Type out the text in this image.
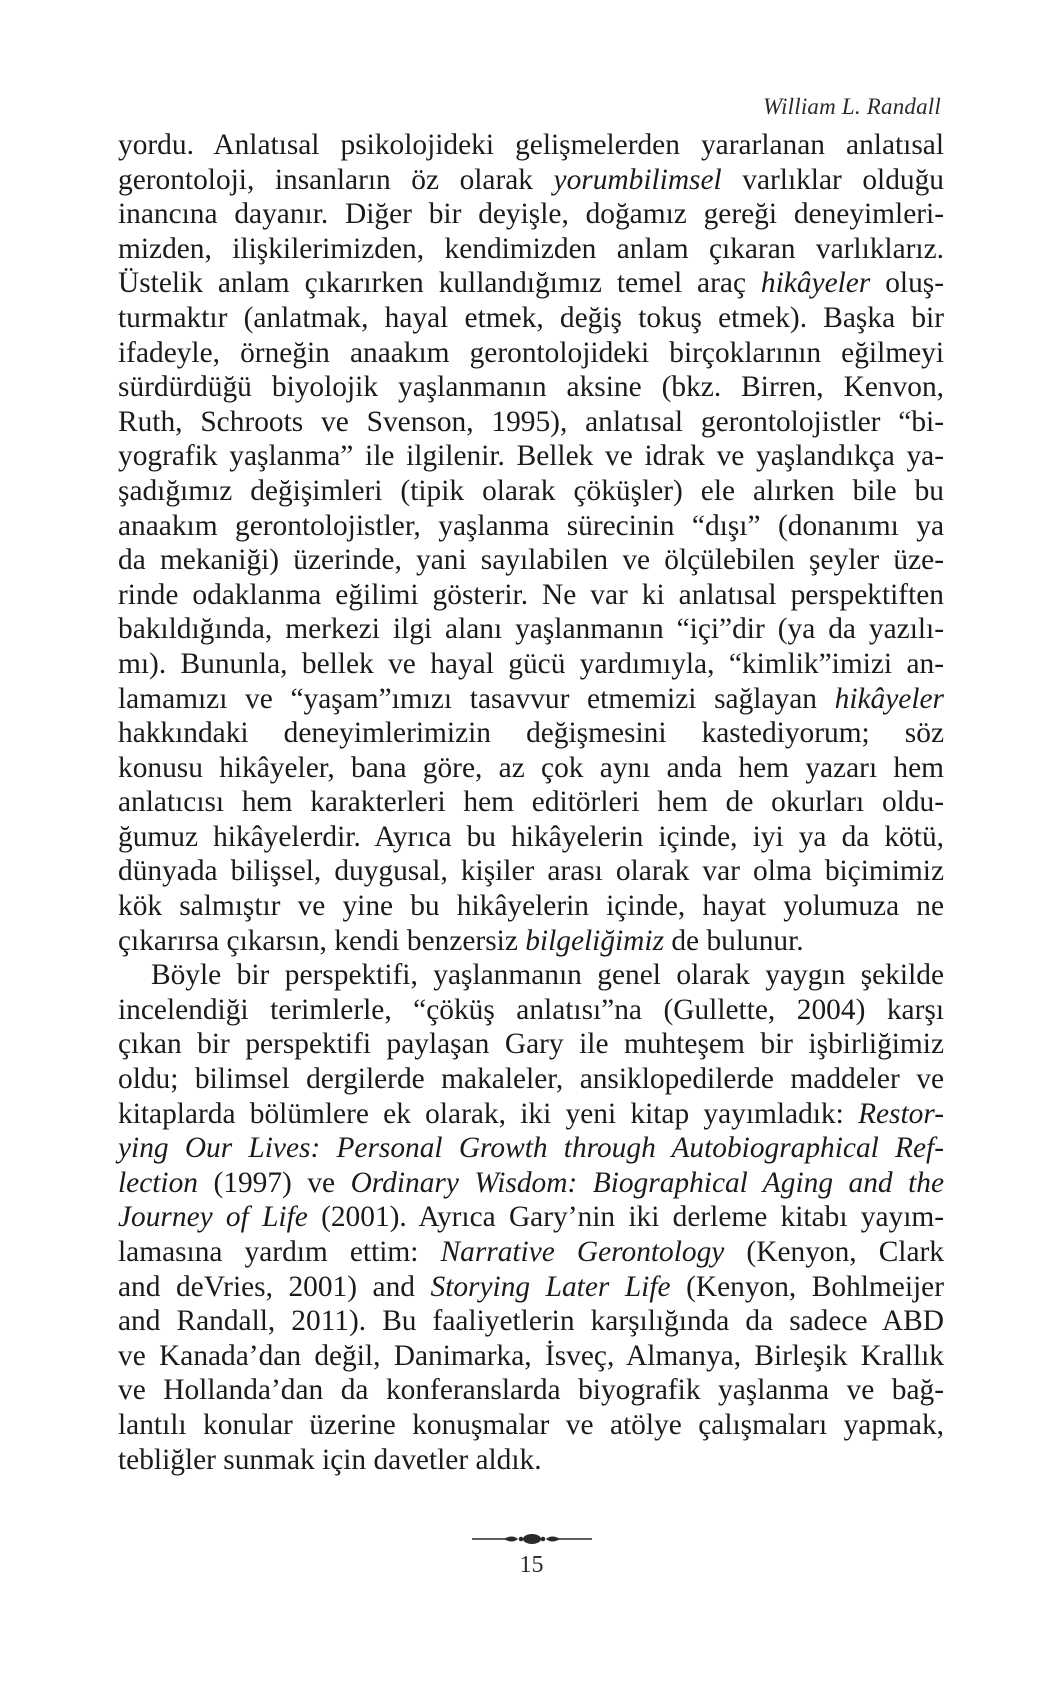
William L. Randall
yordu. Anlatısal psikolojideki gelişmelerden yararlanan anlatısal
gerontoloji, insanların öz olarak yorumbilimsel varlıklar olduğu
inancına dayanır. Diğer bir deyişle, doğamız gereği deneyimleri-
mizden, ilişkilerimizden, kendimizden anlam çıkaran varlıklarız.
Üstelik anlam çıkarırken kullandığımız temel araç hikâyeler oluş-
turmaktır (anlatmak, hayal etmek, değiş tokuş etmek). Başka bir
ifadeyle, örneğin anaakım gerontolojideki birçoklarının eğilmeyi
sürdürdüğü biyolojik yaşlanmanın aksine (bkz. Birren, Kenvon,
Ruth, Schroots ve Svenson, 1995), anlatısal gerontolojistler “bi-
yografik yaşlanma” ile ilgilenir. Bellek ve idrak ve yaşlandıkça ya-
şadığımız değişimleri (tipik olarak çöküşler) ele alırken bile bu
anaakım gerontolojistler, yaşlanma sürecinin “dışı” (donanımı ya
da mekaniği) üzerinde, yani sayılabilen ve ölçülebilen şeyler üze-
rinde odaklanma eğilimi gösterir. Ne var ki anlatısal perspektiften
bakıldığında, merkezi ilgi alanı yaşlanmanın “içi”dir (ya da yazılı-
mı). Bununla, bellek ve hayal gücü yardımıyla, “kimlik”imizi an-
lamamızı ve “yaşam”ımızı tasavvur etmemizi sağlayan hikâyeler
hakkındaki deneyimlerimizin değişmesini kastediyorum; söz
konusu hikâyeler, bana göre, az çok aynı anda hem yazarı hem
anlatıcısı hem karakterleri hem editörleri hem de okurları oldu-
ğumuz hikâyelerdir. Ayrıca bu hikâyelerin içinde, iyi ya da kötü,
dünyada bilişsel, duygusal, kişiler arası olarak var olma biçimimiz
kök salmıştır ve yine bu hikâyelerin içinde, hayat yolumuza ne
çıkarırsa çıkarsın, kendi benzersiz bilgeliğimiz de bulunur.
Böyle bir perspektifi, yaşlanmanın genel olarak yaygın şekilde
incelendiği terimlerle, “çöküş anlatısı”na (Gullette, 2004) karşı
çıkan bir perspektifi paylaşan Gary ile muhteşem bir işbirliğimiz
oldu; bilimsel dergilerde makaleler, ansiklopedilerde maddeler ve
kitaplarda bölümlere ek olarak, iki yeni kitap yayımladık: Restor-
ying Our Lives: Personal Growth through Autobiographical Ref-
lection (1997) ve Ordinary Wisdom: Biographical Aging and the
Journey of Life (2001). Ayrıca Gary’nin iki derleme kitabı yayım-
lamasına yardım ettim: Narrative Gerontology (Kenyon, Clark
and deVries, 2001) and Storying Later Life (Kenyon, Bohlmeijer
and Randall, 2011). Bu faaliyetlerin karşılığında da sadece ABD
ve Kanada’dan değil, Danimarka, İsveç, Almanya, Birleşik Krallık
ve Hollanda’dan da konferanslarda biyografik yaşlanma ve bağ-
lantılı konular üzerine konuşmalar ve atölye çalışmaları yapmak,
tebliğler sunmak için davetler aldık.
15
